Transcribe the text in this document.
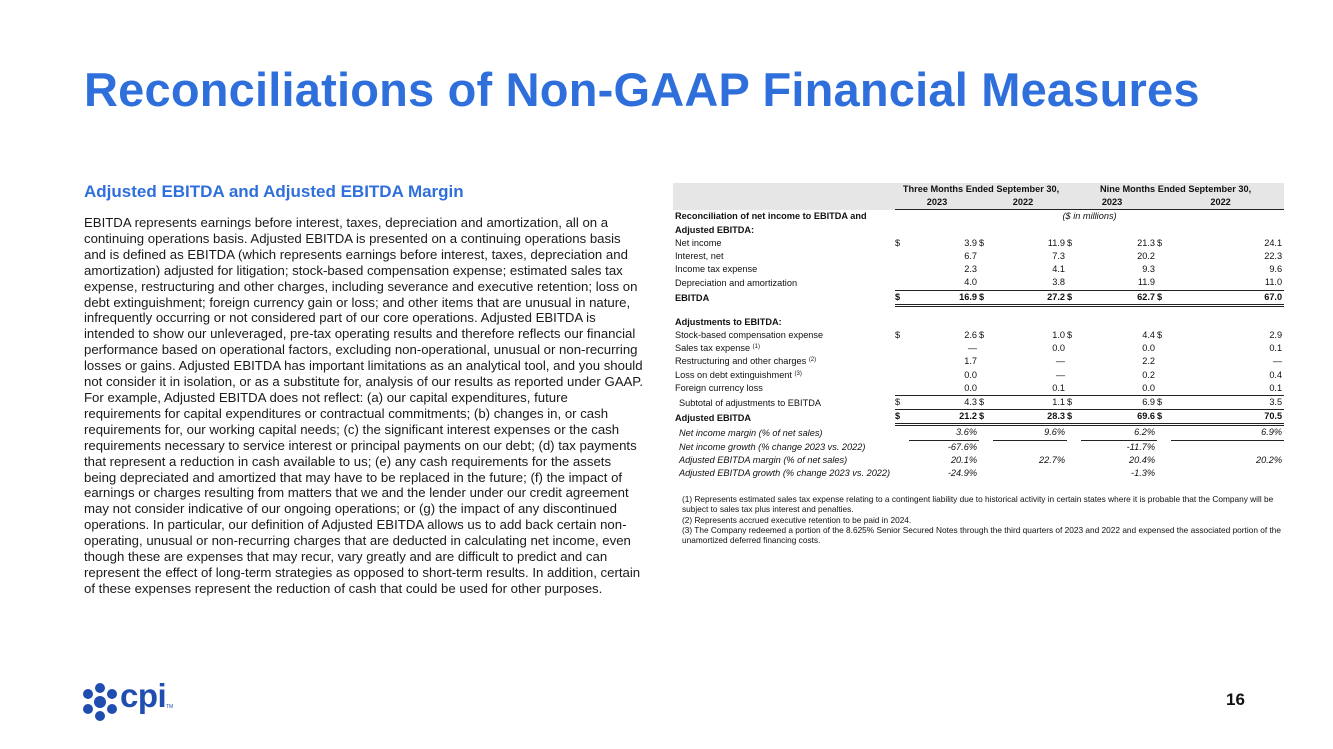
Reconciliations of Non-GAAP Financial Measures
Adjusted EBITDA and Adjusted EBITDA Margin

EBITDA represents earnings before interest, taxes, depreciation and amortization, all on a continuing operations basis. Adjusted EBITDA is presented on a continuing operations basis and is defined as EBITDA (which represents earnings before interest, taxes, depreciation and amortization) adjusted for litigation; stock-based compensation expense; estimated sales tax expense, restructuring and other charges, including severance and executive retention; loss on debt extinguishment; foreign currency gain or loss; and other items that are unusual in nature, infrequently occurring or not considered part of our core operations. Adjusted EBITDA is intended to show our unleveraged, pre-tax operating results and therefore reflects our financial performance based on operational factors, excluding non-operational, unusual or non-recurring losses or gains. Adjusted EBITDA has important limitations as an analytical tool, and you should not consider it in isolation, or as a substitute for, analysis of our results as reported under GAAP. For example, Adjusted EBITDA does not reflect: (a) our capital expenditures, future requirements for capital expenditures or contractual commitments; (b) changes in, or cash requirements for, our working capital needs; (c) the significant interest expenses or the cash requirements necessary to service interest or principal payments on our debt; (d) tax payments that represent a reduction in cash available to us; (e) any cash requirements for the assets being depreciated and amortized that may have to be replaced in the future; (f) the impact of earnings or charges resulting from matters that we and the lender under our credit agreement may not consider indicative of our ongoing operations; or (g) the impact of any discontinued operations. In particular, our definition of Adjusted EBITDA allows us to add back certain non-operating, unusual or non-recurring charges that are deducted in calculating net income, even though these are expenses that may recur, vary greatly and are difficult to predict and can represent the effect of long-term strategies as opposed to short-term results. In addition, certain of these expenses represent the reduction of cash that could be used for other purposes.

	Three Months Ended September 30,				Nine Months Ended September 30,			
	2023		2022		2023		2022	
Reconciliation of net income to EBITDA and	($ in millions)							
Adjusted EBITDA:								
Net income	$	3.9	$	11.9	$	21.3	$	24.1
Interest, net		6.7		7.3		20.2		22.3
Income tax expense		2.3		4.1		9.3		9.6
Depreciation and amortization		4.0		3.8		11.9		11.0
EBITDA	$	16.9	$	27.2	$	62.7	$	67.0

Adjustments to EBITDA:								
Stock-based compensation expense	$	2.6	$	1.0	$	4.4	$	2.9
Sales tax expense $^{(1)}$		—		0.0		0.0		0.1
Restructuring and other charges $^{(2)}$		1.7		—		2.2		—
Loss on debt extinguishment $^{(3)}$		0.0		—		0.2		0.4
Foreign currency loss		0.0		0.1		0.0		0.1
Subtotal of adjustments to EBITDA	$	4.3	$	1.1	$	6.9	$	3.5
Adjusted EBITDA	$	21.2	$	28.3	$	69.6	$	70.5
Net income margin (% of net sales)		3.6%		9.6%		6.2%		6.9%
Net income growth (% change 2023 vs. 2022)		-67.6%				-11.7%		
Adjusted EBITDA margin (% of net sales)		20.1%		22.7%		20.4%		20.2%
Adjusted EBITDA growth (% change 2023 vs. 2022)		-24.9%				-1.3%		

(1) Represents estimated sales tax expense relating to a contingent liability due to historical activity in certain states where it is probable that the Company will be subject to sales tax plus interest and penalties.

(2) Represents accrued executive retention to be paid in 2024.

(3) The Company redeemed a portion of the 8.625% Senior Secured Notes through the third quarters of 2023 and 2022 and expensed the associated portion of the unamortized deferred financing costs.

cpi TM	16
